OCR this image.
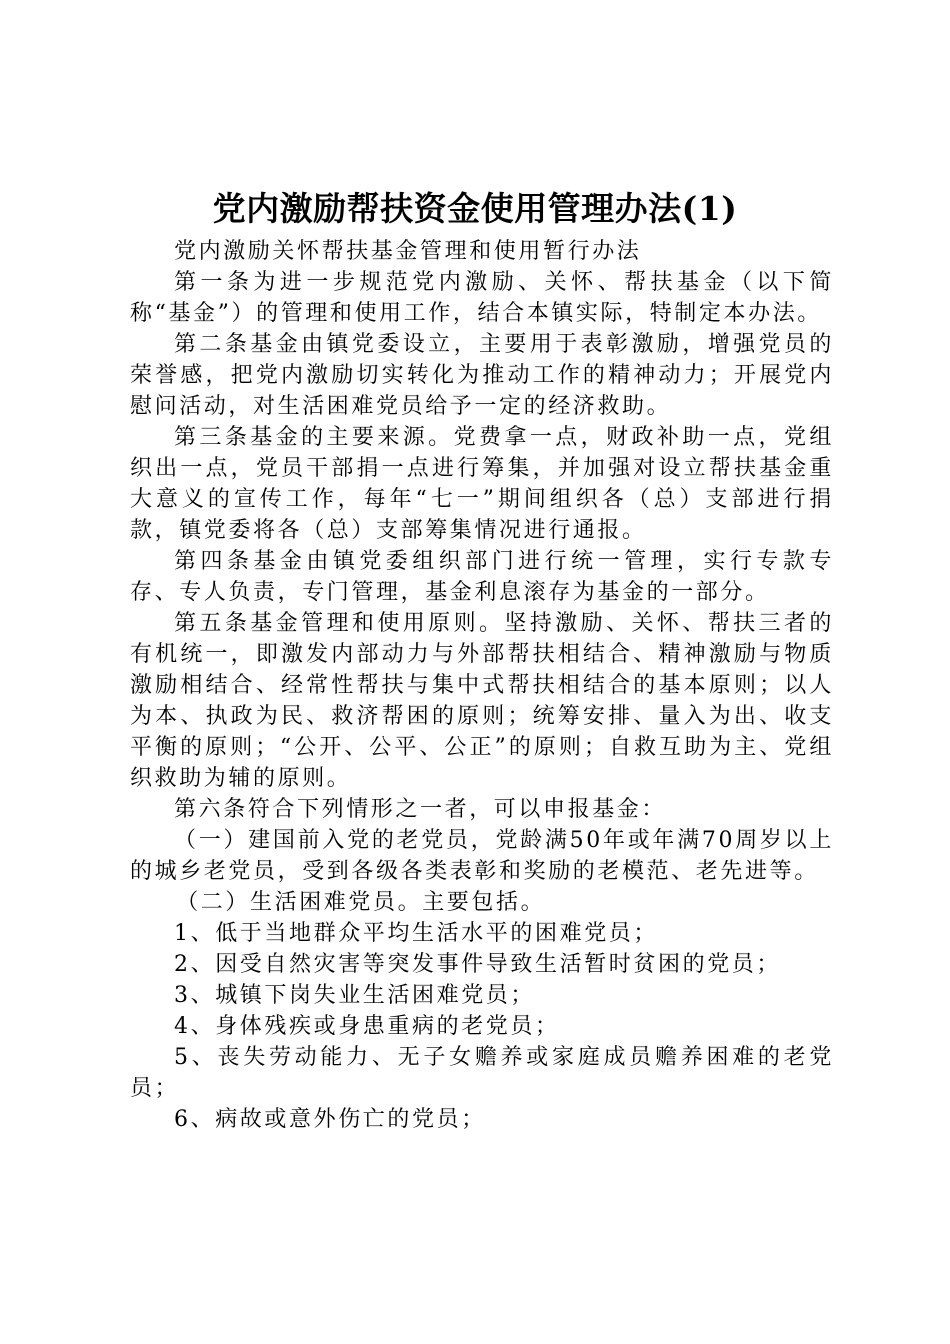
党内激励帮扶资金使用管理办法(1)

党内激励关怀帮扶基金管理和使用暂行办法

第一条为进一步规范党内激励、关怀、帮扶基金（以下简称“基金”）的管理和使用工作，结合本镇实际，特制定本办法。

第二条基金由镇党委设立，主要用于表彰激励，增强党员的荣誉感，把党内激励切实转化为推动工作的精神动力；开展党内慰问活动，对生活困难党员给予一定的经济救助。

第三条基金的主要来源。党费拿一点，财政补助一点，党组织出一点，党员干部捐一点进行筹集，并加强对设立帮扶基金重大意义的宣传工作，每年“七一”期间组织各（总）支部进行捐款，镇党委将各（总）支部筹集情况进行通报。

第四条基金由镇党委组织部门进行统一管理，实行专款专存、专人负责，专门管理，基金利息滚存为基金的一部分。

第五条基金管理和使用原则。坚持激励、关怀、帮扶三者的有机统一，即激发内部动力与外部帮扶相结合、精神激励与物质激励相结合、经常性帮扶与集中式帮扶相结合的基本原则；以人为本、执政为民、救济帮困的原则；统筹安排、量入为出、收支平衡的原则；“公开、公平、公正”的原则；自救互助为主、党组织救助为辅的原则。

第六条符合下列情形之一者，可以申报基金：

（一）建国前入党的老党员，党龄满50年或年满70周岁以上的城乡老党员，受到各级各类表彰和奖励的老模范、老先进等。

（二）生活困难党员。主要包括。

1、低于当地群众平均生活水平的困难党员；

2、因受自然灾害等突发事件导致生活暂时贫困的党员；

3、城镇下岗失业生活困难党员；

4、身体残疾或身患重病的老党员；

5、丧失劳动能力、无子女赡养或家庭成员赡养困难的老党员；

6、病故或意外伤亡的党员；
